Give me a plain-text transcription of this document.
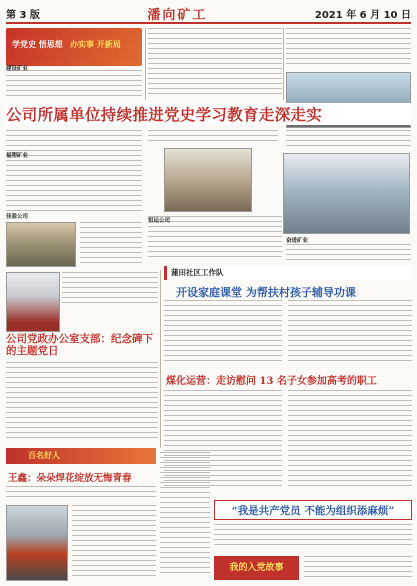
第 3 版	潘向矿工	2021 年 6 月 10 日
学党史 悟思想 办实事 开新局
建设矿业
公司所属单位持续推进党史学习教育走深走实
福塑矿业
佳盈公司
恒运公司
奋进矿业
公司党政办公室支部：纪念碑下的主题党日
蒲田社区工作队
开设家庭课堂 为帮扶村孩子辅导功课
煤化运营：走访慰问 13 名子女参加高考的职工
百名好人
王鑫：朵朵焊花绽放无悔青春
“我是共产党员 不能为组织添麻烦”
我的入党故事
